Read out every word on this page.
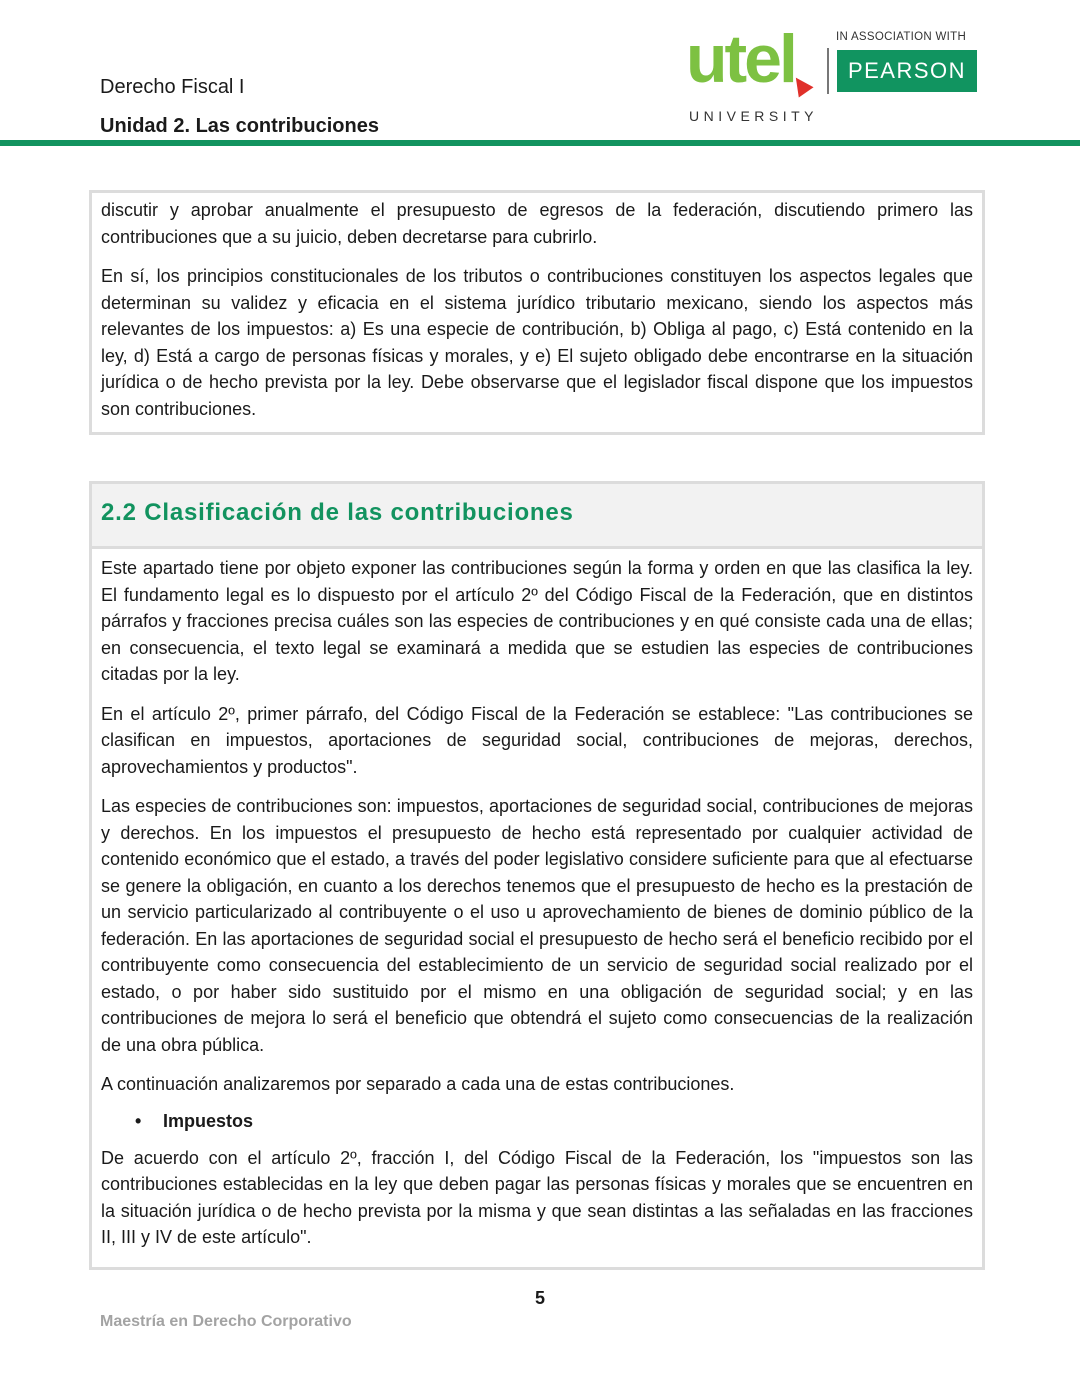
Derecho Fiscal I
Unidad 2. Las contribuciones
utel
UNIVERSITY
IN ASSOCIATION WITH
PEARSON

discutir y aprobar anualmente el presupuesto de egresos de la federación, discutiendo primero las contribuciones que a su juicio, deben decretarse para cubrirlo.

En sí, los principios constitucionales de los tributos o contribuciones constituyen los aspectos legales que determinan su validez y eficacia en el sistema jurídico tributario mexicano, siendo los aspectos más relevantes de los impuestos: a) Es una especie de contribución, b) Obliga al pago, c) Está contenido en la ley, d) Está a cargo de personas físicas y morales, y e) El sujeto obligado debe encontrarse en la situación jurídica o de hecho prevista por la ley. Debe observarse que el legislador fiscal dispone que los impuestos son contribuciones.

2.2 Clasificación de las contribuciones

Este apartado tiene por objeto exponer las contribuciones según la forma y orden en que las clasifica la ley. El fundamento legal es lo dispuesto por el artículo 2º del Código Fiscal de la Federación, que en distintos párrafos y fracciones precisa cuáles son las especies de contribuciones y en qué consiste cada una de ellas; en consecuencia, el texto legal se examinará a medida que se estudien las especies de contribuciones citadas por la ley.

En el artículo 2º, primer párrafo, del Código Fiscal de la Federación se establece: "Las contribuciones se clasifican en impuestos, aportaciones de seguridad social, contribuciones de mejoras, derechos, aprovechamientos y productos".

Las especies de contribuciones son: impuestos, aportaciones de seguridad social, contribuciones de mejoras y derechos. En los impuestos el presupuesto de hecho está representado por cualquier actividad de contenido económico que el estado, a través del poder legislativo considere suficiente para que al efectuarse se genere la obligación, en cuanto a los derechos tenemos que el presupuesto de hecho es la prestación de un servicio particularizado al contribuyente o el uso u aprovechamiento de bienes de dominio público de la federación. En las aportaciones de seguridad social el presupuesto de hecho será el beneficio recibido por el contribuyente como consecuencia del establecimiento de un servicio de seguridad social realizado por el estado, o por haber sido sustituido por el mismo en una obligación de seguridad social; y en las contribuciones de mejora lo será el beneficio que obtendrá el sujeto como consecuencias de la realización de una obra pública.

A continuación analizaremos por separado a cada una de estas contribuciones.

• Impuestos

De acuerdo con el artículo 2º, fracción I, del Código Fiscal de la Federación, los "impuestos son las contribuciones establecidas en la ley que deben pagar las personas físicas y morales que se encuentren en la situación jurídica o de hecho prevista por la misma y que sean distintas a las señaladas en las fracciones II, III y IV de este artículo".

5
Maestría en Derecho Corporativo
